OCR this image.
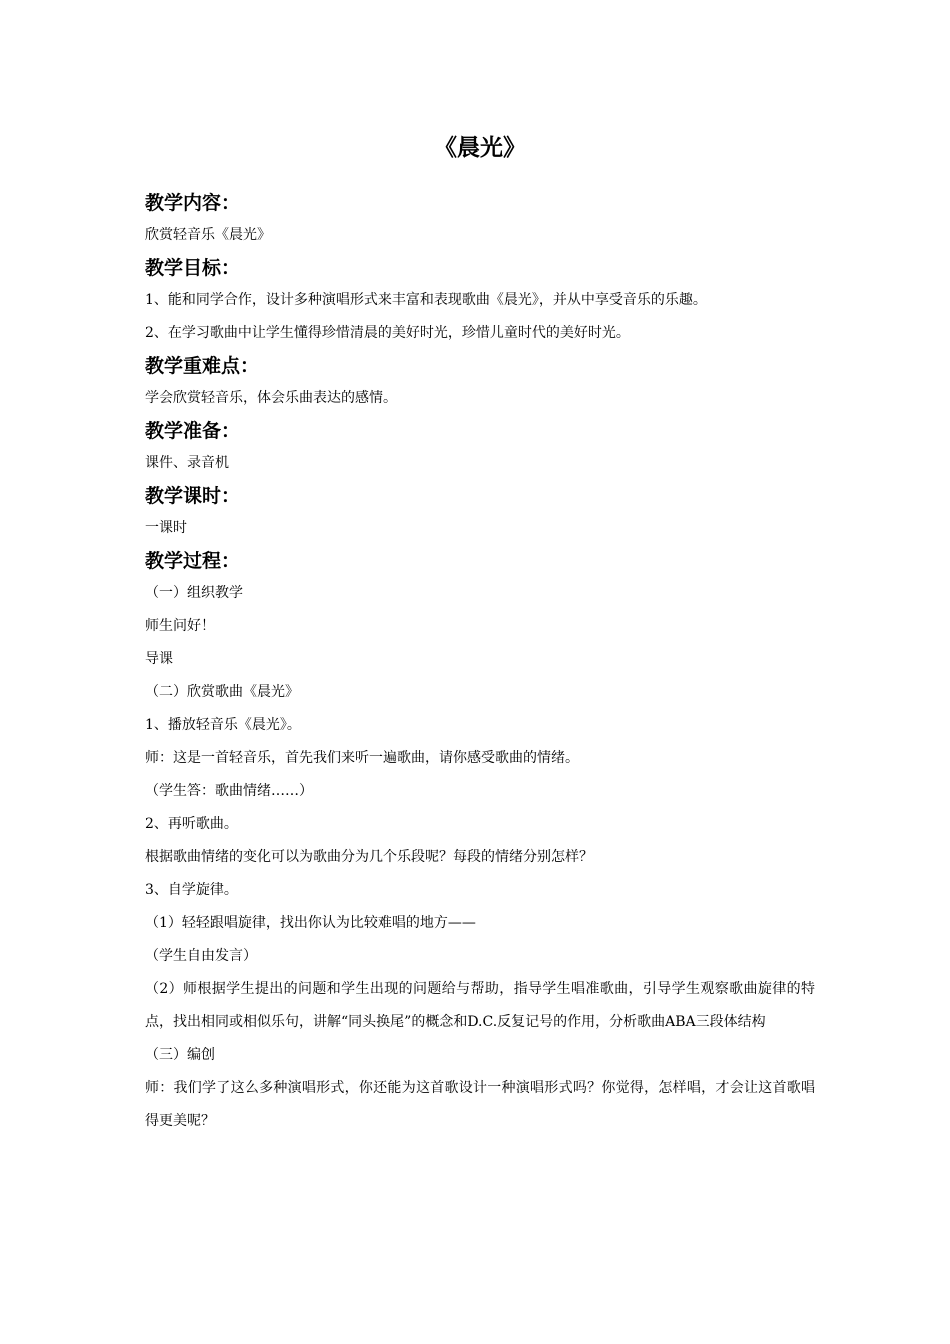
《晨光》
教学内容：
欣赏轻音乐《晨光》
教学目标：
1、能和同学合作，设计多种演唱形式来丰富和表现歌曲《晨光》，并从中享受音乐的乐趣。
2、在学习歌曲中让学生懂得珍惜清晨的美好时光，珍惜儿童时代的美好时光。
教学重难点：
学会欣赏轻音乐，体会乐曲表达的感情。
教学准备：
课件、录音机
教学课时：
一课时
教学过程：
（一）组织教学
师生问好！
导课
（二）欣赏歌曲《晨光》
1、播放轻音乐《晨光》。
师：这是一首轻音乐，首先我们来听一遍歌曲，请你感受歌曲的情绪。
（学生答：歌曲情绪……）
2、再听歌曲。
根据歌曲情绪的变化可以为歌曲分为几个乐段呢？每段的情绪分别怎样？
3、自学旋律。
（1）轻轻跟唱旋律，找出你认为比较难唱的地方——
（学生自由发言）
（2）师根据学生提出的问题和学生出现的问题给与帮助，指导学生唱准歌曲，引导学生观察歌曲旋律的特点，找出相同或相似乐句，讲解“同头换尾”的概念和D.C.反复记号的作用，分析歌曲ABA三段体结构
（三）编创
师：我们学了这么多种演唱形式，你还能为这首歌设计一种演唱形式吗？你觉得，怎样唱，才会让这首歌唱得更美呢？
